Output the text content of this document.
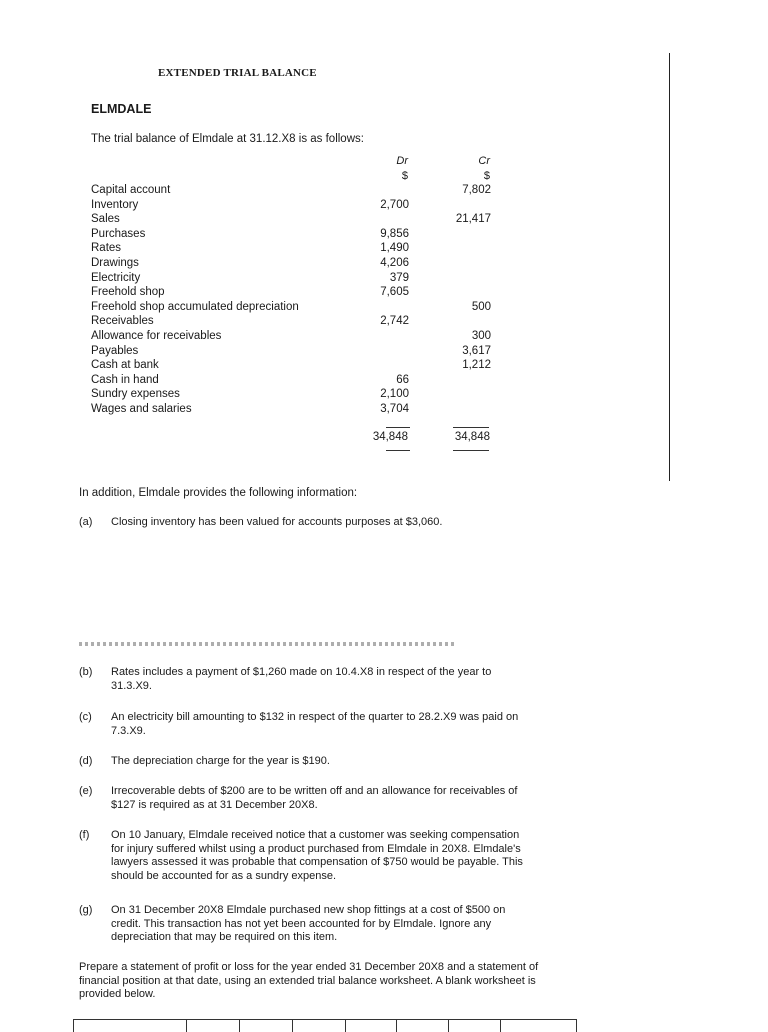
EXTENDED TRIAL BALANCE
ELMDALE
The trial balance of Elmdale at 31.12.X8 is as follows:
Dr
$
Cr
$
Capital account			7,802
Inventory	2,700		
Sales			21,417
Purchases	9,856		
Rates	1,490		
Drawings	4,206		
Electricity	379		
Freehold shop	7,605		
Freehold shop accumulated depreciation			500
Receivables	2,742		
Allowance for receivables			300
Payables			3,617
Cash at bank			1,212
Cash in hand	66		
Sundry expenses	2,100		
Wages and salaries	3,704		
34,848	34,848
In addition, Elmdale provides the following information:
(a) Closing inventory has been valued for accounts purposes at $3,060.
(b) Rates includes a payment of $1,260 made on 10.4.X8 in respect of the year to 31.3.X9.
(c) An electricity bill amounting to $132 in respect of the quarter to 28.2.X9 was paid on 7.3.X9.
(d) The depreciation charge for the year is $190.
(e) Irrecoverable debts of $200 are to be written off and an allowance for receivables of $127 is required as at 31 December 20X8.
(f) On 10 January, Elmdale received notice that a customer was seeking compensation for injury suffered whilst using a product purchased from Elmdale in 20X8. Elmdale's lawyers assessed it was probable that compensation of $750 would be payable. This should be accounted for as a sundry expense.
(g) On 31 December 20X8 Elmdale purchased new shop fittings at a cost of $500 on credit. This transaction has not yet been accounted for by Elmdale. Ignore any depreciation that may be required on this item.
Prepare a statement of profit or loss for the year ended 31 December 20X8 and a statement of financial position at that date, using an extended trial balance worksheet. A blank worksheet is provided below.
